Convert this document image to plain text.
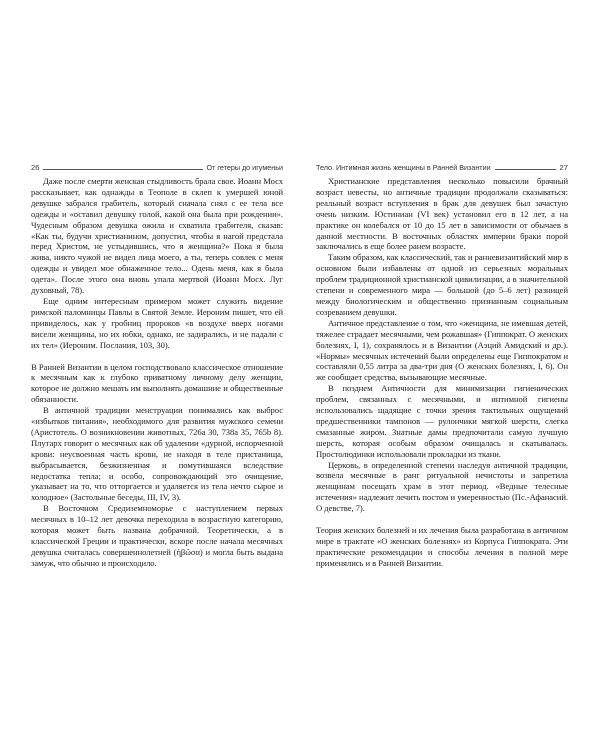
26	От гетеры до игуменьи

Даже после смерти женская стыдливость брала свое. Иоанн Мосх рассказывает, как однажды в Теополе в склеп к умершей юной девушке забрался грабитель, который сначала снял с ее тела все одежды и «оставил девушку голой, какой она была при рождении». Чудесным образом девушка ожила и схватила грабителя, сказав: «Как ты, будучи христианином, допустил, чтобы я нагой предстала перед Христом, не устыдившись, что я женщина?» Пока я была жива, никто чужой не видел лица моего, а ты, теперь совлек с меня одежды и увидел мое обнаженное тело... Одень меня, как я была одета». После этого она вновь упала мертвой (Иоанн Мосх. Луг духовный, 78).

Еще одним интересным примером может служить видение римской паломницы Павлы в Святой Земле. Иероним пишет, что ей привиделось, как у гробниц пророков «в воздухе вверх ногами висели женщины, но их юбки, однако, не задирались, и не падали с их тел» (Иероним. Послания, 103, 30).

В Ранней Византии в целом господствовало классическое отношение к месячным как к глубоко приватному личному делу женщин, которое не должно мешать им выполнять домашние и общественные обязанности.

В античной традиции менструации понимались как выброс «избытков питания», необходимого для развития мужского семени (Аристотель. О возникновении животных, 726а 30, 738а 35, 765b 8). Плутарх говорит о месячных как об удалении «дурной, испорченной крови: неусвоенная часть крови, не находя в теле пристанища, выбрасывается, безжизненная и помутившаяся вследствие недостатка тепла; и особо, сопровождающий это очищение, указывает на то, что отторгается и удаляется из тела нечто сырое и холодное» (Застольные беседы, III, IV, 3).

В Восточном Средиземноморье с наступлением первых месячных в 10–12 лет девочка переходила в возрастную категорию, которая может быть названа добрачной. Теоретически, а в классической Греции и практически, вскоре после начала месячных девушка считалась совершеннолетней (ἡβῶσα) и могла быть выдана замуж, что обычно и происходило.

Тело. Интимная жизнь женщины в Ранней Византии	27

Христианские представления несколько повысили брачный возраст невесты, но античные традиции продолжали сказываться: реальный возраст вступления в брак для девушек был зачастую очень низким. Юстиниан (VI век) установил его в 12 лет, а на практике он колебался от 10 до 15 лет в зависимости от обычаев в данной местности. В восточных областях империи браки порой заключались в еще более ранем возрасте.

Таким образом, как классический, так и ранневизантийский мир в основном были избавлены от одной из серьезных моральных проблем традиционной христианской цивилизации, а в значительной степени и современного мира — большой (до 5–6 лет) разницей между биологическим и общественно признанным социальным созреванием девушки.

Античное представление о том, что «женщина, не имевшая детей, тяжелее страдает месячными, чем рожавшая» (Гиппократ. О женских болезнях, I, 1), сохранялось и в Византии (Аэций Амидский и др.). «Нормы» месячных истечений были определены еще Гиппократом и составляли 0,55 литра за два-три дня (О женских болезнях, I, 6). Он же сообщает средства, вызывающие месячные.

В позднем Античности для минимизации гигиенических проблем, связанных с месячными, и интимной гигиены использовались щадящие с точки зрения тактильных ощущений предшественники тампонов — рулончики мягкой шерсти, слегка смазанные жиром. Знатные дамы предпочитали самую лучшую шерсть, которая особым образом очищалась и скатывалась. Простолюдинки использовали прокладки из ткани.

Церковь, в определенной степени наследуя античной традиции, возвела месячные в ранг ритуальной нечистоты и запретила женщинам посещать храм в этот период. «Ведные телесные истечения» надлежит лечить постом и умеренностью (Пс.-Афанасий. О девстве, 7).

Теория женских болезней и их лечения была разработана в античном мире в трактате «О женских болезнях» из Корпуса Гиппократа. Эти практические рекомендации и способы лечения в полной мере применялись и в Ранней Византии.
